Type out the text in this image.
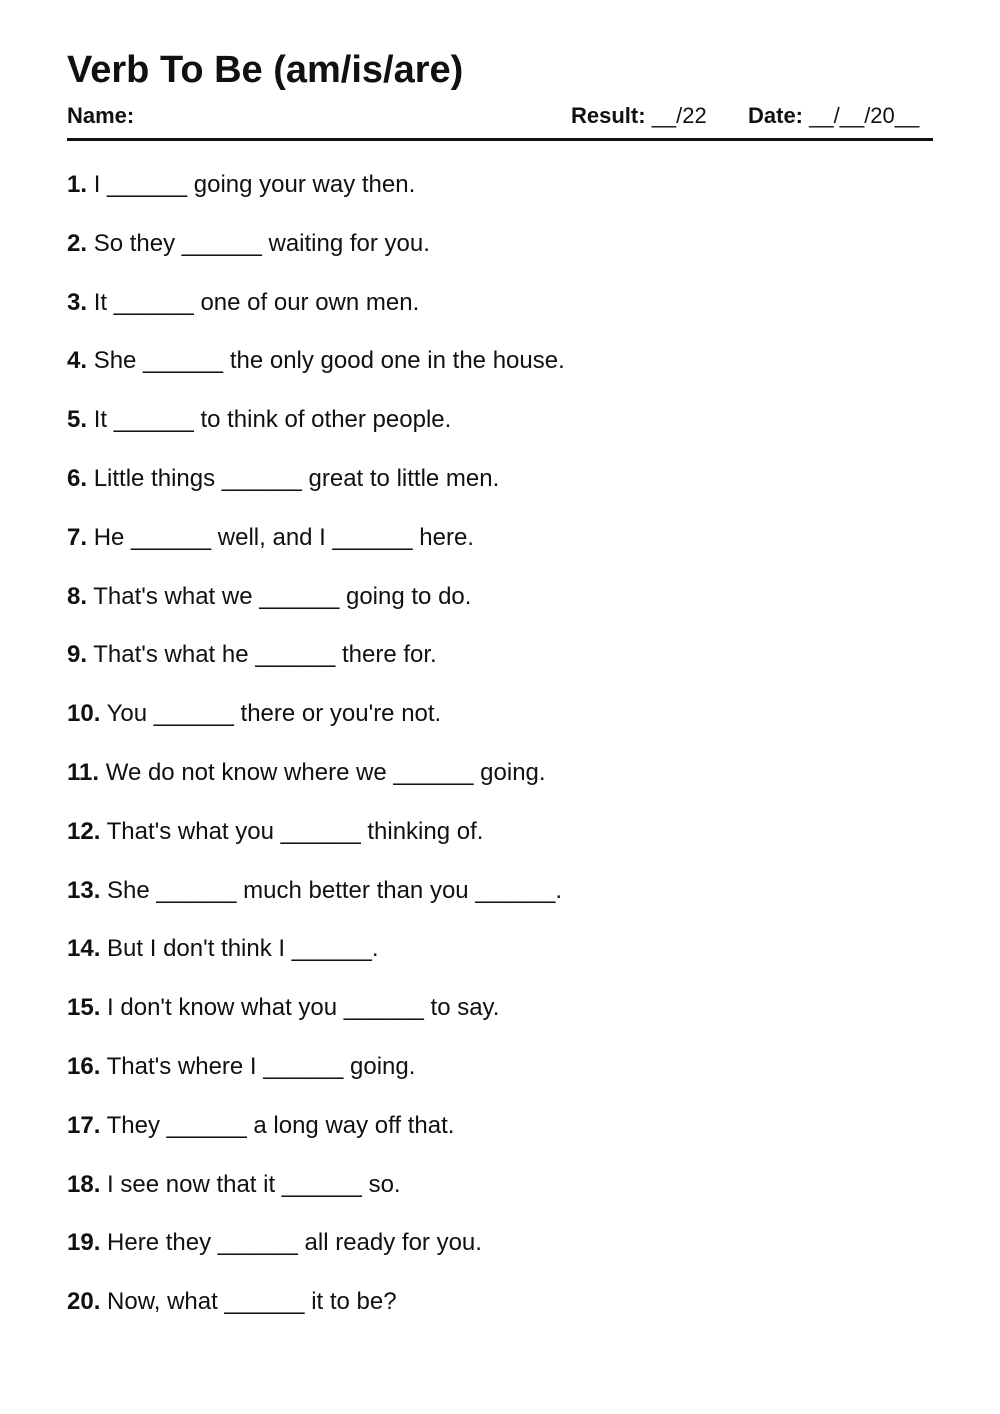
Verb To Be (am/is/are)
Name:	Result: __/22 Date: __/__/20__
1. I ______ going your way then.
2. So they ______ waiting for you.
3. It ______ one of our own men.
4. She ______ the only good one in the house.
5. It ______ to think of other people.
6. Little things ______ great to little men.
7. He ______ well, and I ______ here.
8. That's what we ______ going to do.
9. That's what he ______ there for.
10. You ______ there or you're not.
11. We do not know where we ______ going.
12. That's what you ______ thinking of.
13. She ______ much better than you ______.
14. But I don't think I ______.
15. I don't know what you ______ to say.
16. That's where I ______ going.
17. They ______ a long way off that.
18. I see now that it ______ so.
19. Here they ______ all ready for you.
20. Now, what ______ it to be?
